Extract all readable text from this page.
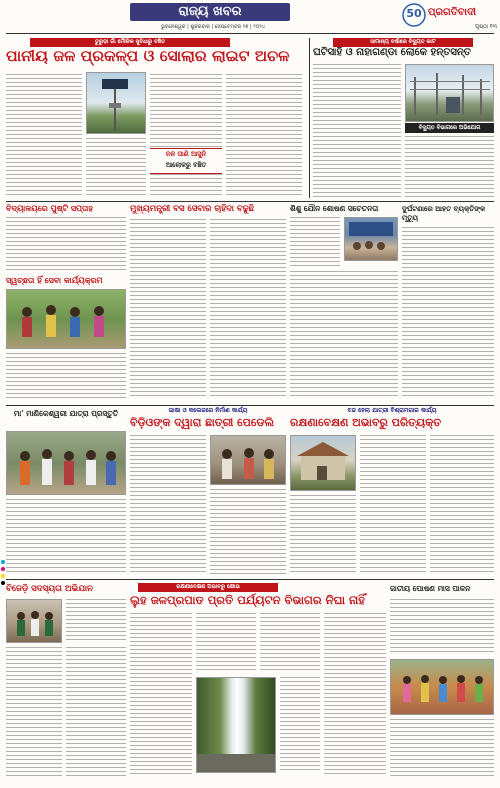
ରାଜ୍ୟ ଖବର
ଭୁବନେଶ୍ୱର | ଶୁକ୍ରବାର | ସେପ୍ଟେମ୍ବର ୨୭ | ୨୦୨୪
50 ପ୍ରଗତିବାଦୀ
ପୃଷ୍ଠା ୧୩
ତୁରୁଡ଼ା ଗାଁ ମୌଳିକ ସୁବିଧାରୁ ବଞ୍ଚିତ
ପାନୀୟ ଜଳ ପ୍ରକଳ୍ପ ଓ ସୋଲାର ଲାଇଟ ଅଚଳ
ନଳ ପାଣି ଆସୁନି
ଆଲୋକରୁ ବଞ୍ଚିତ
ସାମାନ୍ୟ ବର୍ଷାରେ ବିଦ୍ୟୁତ କାଟ
ଘଟିସାହି ଓ ନାହାଗଣ୍ଡା ଲୋକେ ହନ୍ତସନ୍ତ
ବିଦ୍ୟୁତ ବିଭାଗରେ ଅଭିଯୋଗ
ବିଦ୍ୟାଳୟରେ ପୁଷ୍ଟି ସପ୍ତାହ	ମୁଖ୍ୟମନ୍ତ୍ରୀ ବସ ସେବାର ଚାହିଦା ବଢୁଛି	ଶିଶୁ ଯୌନ ଶୋଷଣ ସଚେତନତା	ଦୁର୍ଘଟଣାରେ ଆହତ ବ୍ୟକ୍ତିଙ୍କ ମୃତ୍ୟୁ
ସ୍ୱଚ୍ଛତା ହିଁ ସେବା କାର୍ଯ୍ୟକ୍ରମ
ମା' ମାଣିକେଶ୍ୱରୀ ଯାତ୍ରା ପ୍ରସ୍ତୁତି	ଭାଷା ଓ କଲେଜରେ ନିର୍ମାଣ କାର୍ଯ୍ୟ
ବିଡ଼ିଓଙ୍କ ଦ୍ୱାରା ଛାତ୍ରୀ ପେଡେଲି
ବନ୍ଦ ହେଲା ଯାତ୍ରୀ ବିଶ୍ରାମଗାର କାର୍ଯ୍ୟ
ରକ୍ଷଣାବେକ୍ଷଣ ଅଭାବରୁ ପରିତ୍ୟକ୍ତ
ବିଜେଡ଼ି ସଦସ୍ୟତା ଅଭିଯାନ	ରକ୍ଷଣାବେକ୍ଷଣ ଅଭାବରୁ କ୍ଷୋଭ
ଲୁହ ଜଳପ୍ରପାତ ପ୍ରତି ପର୍ଯ୍ୟଟନ ବିଭାଗର ନିଘା ନାହିଁ
ଜାତୀୟ ପୋଷଣ ମାସ ପାଳନ
